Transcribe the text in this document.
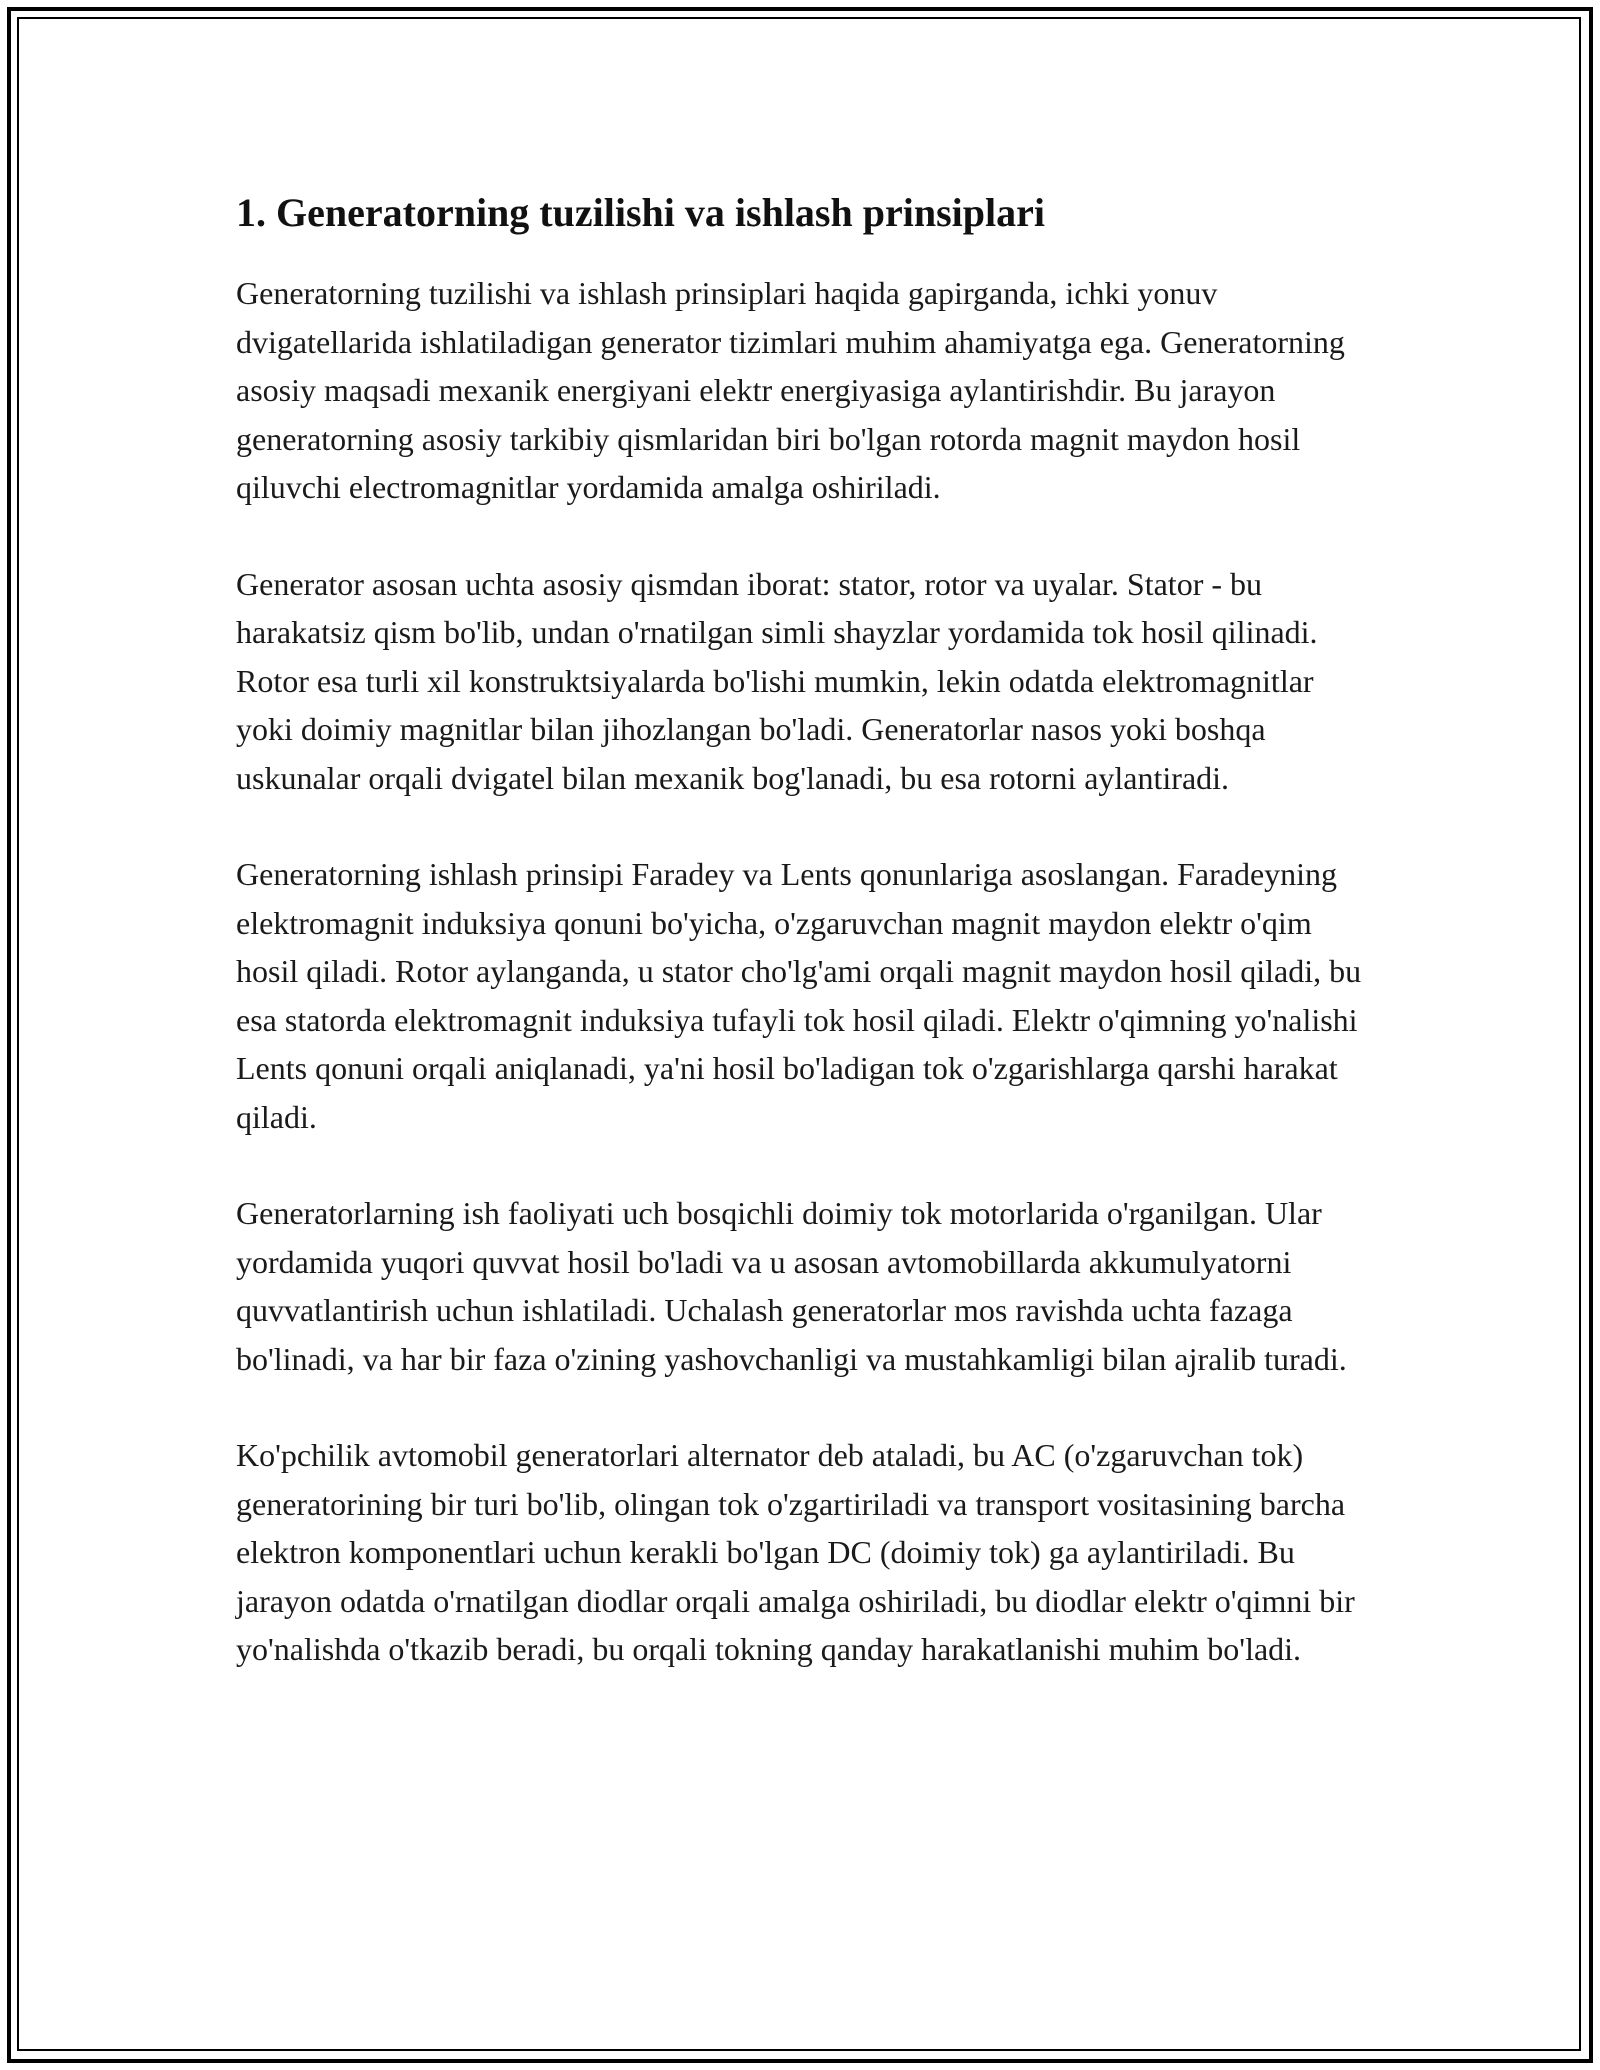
1. Generatorning tuzilishi va ishlash prinsiplari

Generatorning tuzilishi va ishlash prinsiplari haqida gapirganda, ichki yonuv dvigatellarida ishlatiladigan generator tizimlari muhim ahamiyatga ega. Generatorning asosiy maqsadi mexanik energiyani elektr energiyasiga aylantirishdir. Bu jarayon generatorning asosiy tarkibiy qismlaridan biri bo'lgan rotorda magnit maydon hosil qiluvchi electromagnitlar yordamida amalga oshiriladi.

Generator asosan uchta asosiy qismdan iborat: stator, rotor va uyalar. Stator - bu harakatsiz qism bo'lib, undan o'rnatilgan simli shayzlar yordamida tok hosil qilinadi. Rotor esa turli xil konstruktsiyalarda bo'lishi mumkin, lekin odatda elektromagnitlar yoki doimiy magnitlar bilan jihozlangan bo'ladi. Generatorlar nasos yoki boshqa uskunalar orqali dvigatel bilan mexanik bog'lanadi, bu esa rotorni aylantiradi.

Generatorning ishlash prinsipi Faradey va Lents qonunlariga asoslangan. Faradeyning elektromagnit induksiya qonuni bo'yicha, o'zgaruvchan magnit maydon elektr o'qim hosil qiladi. Rotor aylanganda, u stator cho'lg'ami orqali magnit maydon hosil qiladi, bu esa statorda elektromagnit induksiya tufayli tok hosil qiladi. Elektr o'qimning yo'nalishi Lents qonuni orqali aniqlanadi, ya'ni hosil bo'ladigan tok o'zgarishlarga qarshi harakat qiladi.

Generatorlarning ish faoliyati uch bosqichli doimiy tok motorlarida o'rganilgan. Ular yordamida yuqori quvvat hosil bo'ladi va u asosan avtomobillarda akkumulyatorni quvvatlantirish uchun ishlatiladi. Uchalash generatorlar mos ravishda uchta fazaga bo'linadi, va har bir faza o'zining yashovchanligi va mustahkamligi bilan ajralib turadi.

Ko'pchilik avtomobil generatorlari alternator deb ataladi, bu AC (o'zgaruvchan tok) generatorining bir turi bo'lib, olingan tok o'zgartiriladi va transport vositasining barcha elektron komponentlari uchun kerakli bo'lgan DC (doimiy tok) ga aylantiriladi. Bu jarayon odatda o'rnatilgan diodlar orqali amalga oshiriladi, bu diodlar elektr o'qimni bir yo'nalishda o'tkazib beradi, bu orqali tokning qanday harakatlanishi muhim bo'ladi.
